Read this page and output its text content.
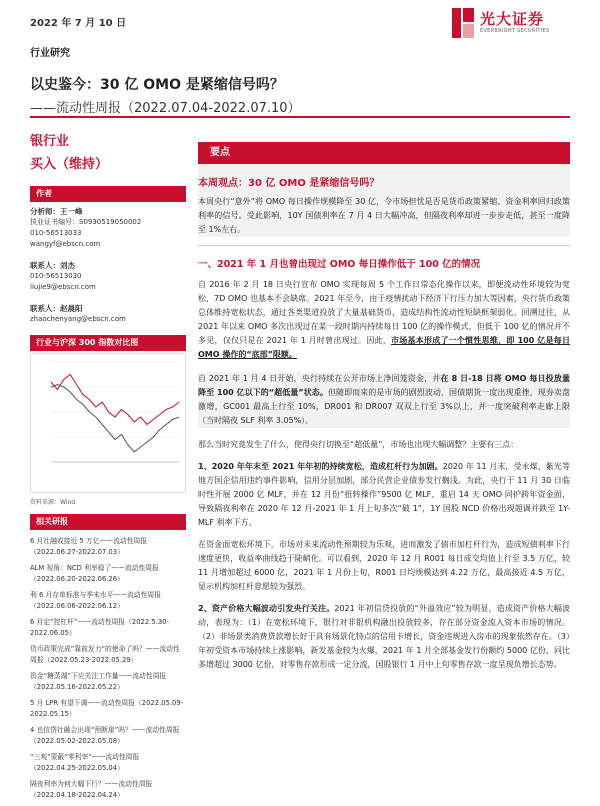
2022 年 7 月 10 日	光大证券
EVERBRIGHT SECURITIES
行业研究
以史鉴今：30 亿 OMO 是紧缩信号吗？
——流动性周报（2022.07.04-2022.07.10）
银行业
买入（维持）
作者
分析师：王一峰
执业证书编号：S0930519050002
010-56513033
wangyf@ebscn.com
联系人：刘杰
010-56513030
liujie9@ebscn.com
联系人：赵晨阳
zhaochenyang@ebscn.com
行业与沪深 300 指数对比图
资料来源：Wind
相关研报
6 月社融或接近 5 万亿——流动性周报（2022.06.27-2022.07.03）
ALM 视角：NCD 利率稳了——流动性周报（2022.06.20-2022.06.26）
利 6 月存单标准与季末水平——流动性周报（2022.06.06-2022.06.12）
6 月定“控杠杆”——流动性周报（2022.5.30-2022.06.05）
货币政策完成“靠前发力”的使命了吗？——流动性周报（2022.05.23-2022.05.29）
资金“糖蒸湖”下应关注工作量——流动性周报（2022.05.16-2022.05.22）
5 月 LPR 有望下调——流动性周报（2022.05.09-2022.05.15）
4 也信贷社融会出现“预断崖”吗？——流动性周报（2022.05.02-2022.05.08）
“三观”蒙蔽“零利率”——流动性周报（2022.04.25-2022.05.04）
隔夜利率为何大幅下行？——流动性周报（2022.04.18-2022.04.24）
要点
本周观点：30 亿 OMO 是紧缩信号吗？
本周央行“意外”将 OMO 每日操作规模降至 30 亿，令市场担忧是否是货币政策紧缩、资金利率回归政策利率的信号。受此影响，10Y 国债利率在 7 月 4 日大幅冲高，但隔夜利率却进一步步走低，甚至一度降至 1%左右。
一、2021 年 1 月也曾出现过 OMO 每日操作低于 100 亿的情况
自 2016 年 2 月 18 日央行宣布 OMO 实现每周 5 个工作日常态化操作以来，即便流动性环境较为宽松，7D OMO 也基本不会缺席。2021 年至今，由于疫情扰动下经济下行压力加大等因素，央行货币政策总体维持宽松状态，通过各类渠道投放了大量基础货币，造成结构性流动性短缺框架弱化。回溯过往，从 2021 年以来 OMO 多次出现过在某一段时期内持续每日 100 亿的操作模式，但低于 100 亿的情况并不多见，仅仅只是在 2021 年 1 月时曾出现过。因此，市场基本形成了一个惯性思维，即 100 亿是每日 OMO 操作的“底部”限额。
自 2021 年 1 月 4 日开始，央行持续在公开市场上净回笼资金，并在 8 日-18 日将 OMO 每日投放量降至 100 亿以下的“超低量”状态。但随即而来的是市场的剧烈波动，国债期货一度出现重挫，现券卖盘激增，GC001 最高上行至 10%，DR001 和 DR007 双双上行至 3%以上，并一度突破利率走廊上限（当时隔夜 SLF 利率 3.05%）。
那么当时究竟发生了什么，使得央行切换至“超低量”，市场也出现大幅调整？主要有三点：
1、2020 年年末至 2021 年年初的持续宽松，造成杠杆行为加剧。2020 年 11 月末，受永煤、紫光等地方国企信用违约事件影响，信用分层加剧，部分民营企业债券发行搁浅。为此，央行于 11 月 30 日临时性开展 2000 亿 MLF，并在 12 月份“扭转操作”9500 亿 MLF、重启 14 天 OMO 同护跨年资金面，导致隔夜利率在 2020 年 12 月-2021 年 1 月上旬多次“破 1”，1Y 国股 NCD 价格出现超调并跌至 1Y-MLF 利率下方。
在资金面宽松环境下，市场对未来流动性预期较为乐观，进而激发了债市加杠杆行为，造成短债利率下行速度更快，收益率曲线趋于陡峭化。可以看到，2020 年 12 月 R001 每日成交均值上行至 3.5 万亿，较 11 月增加超过 6000 亿，2021 年 1 月份上旬，R001 日均规模达到 4.22 万亿，最高接近 4.5 万亿，显示机构加杠杆意愿较为强烈。
2、资产价格大幅波动引发央行关注。2021 年初信贷投放的“外溢效应”较为明显，造成资产价格大幅波动，表现为：（1）在宽松环境下，银行对非银机构融出投放较多，存在部分资金流入资本市场的情况。（2）非场景类消费贷款增长好于具有场景化特点的信用卡增长，资金违规进入房市的现象依然存在。（3）年初受资本市场持续上涨影响，新发基金较为火爆，2021 年 1 月全部基金发行份额约 5000 亿份，同比多增超过 3000 亿份，对零售存款形成一定分流，国股银行 1 月中上旬零售存款一度呈现负增长态势。
